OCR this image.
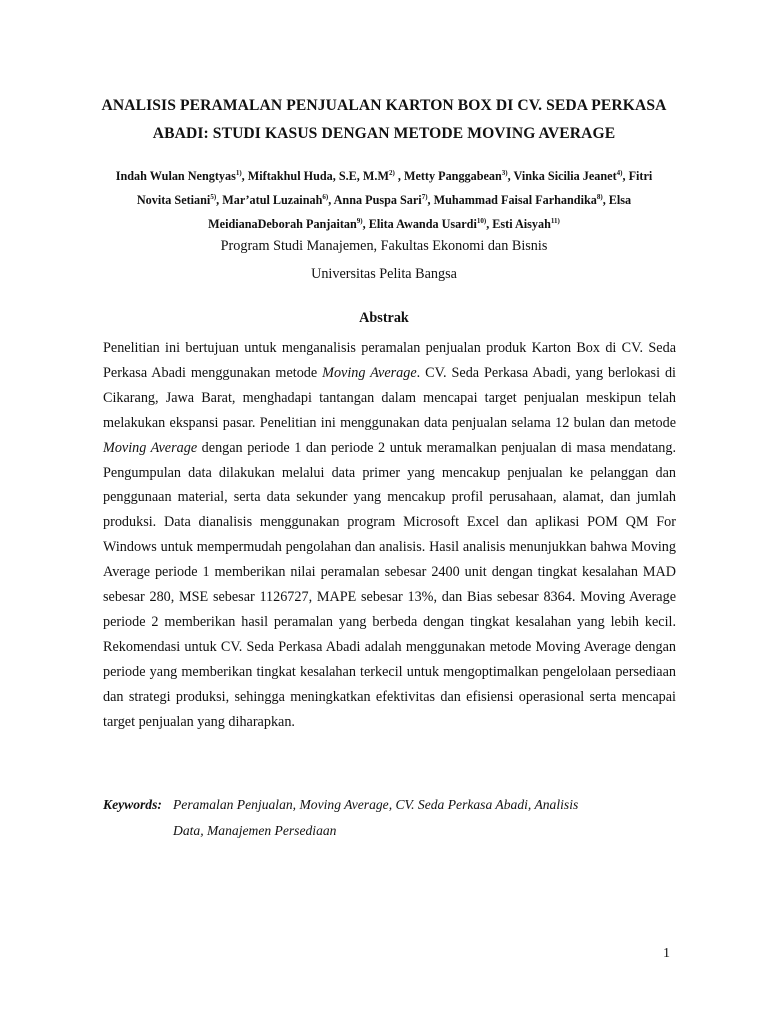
ANALISIS PERAMALAN PENJUALAN KARTON BOX DI CV. SEDA PERKASA
ABADI: STUDI KASUS DENGAN METODE MOVING AVERAGE
Indah Wulan Nengtyas$^{1)}$, Miftakhul Huda, S.E, $M.M^{2)}$ , Metty Panggabean$^{3)}$, Vinka Sicilia Jeanet$^{4)}$, Fitri Novita Setiani$^{5)}$, Mar’atul Luzainah$^{6)}$, Anna Puspa Sari$^{7)}$, Muhammad Faisal Farhandika$^{8)}$, Elsa MeidianaDeborah Panjaitan$^{9)}$, Elita Awanda Usardi$^{10)}$, Esti Aisyah$^{11)}$
Program Studi Manajemen, Fakultas Ekonomi dan Bisnis
Universitas Pelita Bangsa
Abstrak

Penelitian ini bertujuan untuk menganalisis peramalan penjualan produk Karton Box di CV. Seda Perkasa Abadi menggunakan metode Moving Average. CV. Seda Perkasa Abadi, yang berlokasi di Cikarang, Jawa Barat, menghadapi tantangan dalam mencapai target penjualan meskipun telah melakukan ekspansi pasar. Penelitian ini menggunakan data penjualan selama 12 bulan dan metode Moving Average dengan periode 1 dan periode 2 untuk meramalkan penjualan di masa mendatang. Pengumpulan data dilakukan melalui data primer yang mencakup penjualan ke pelanggan dan penggunaan material, serta data sekunder yang mencakup profil perusahaan, alamat, dan jumlah produksi. Data dianalisis menggunakan program Microsoft Excel dan aplikasi POM QM For Windows untuk mempermudah pengolahan dan analisis. Hasil analisis menunjukkan bahwa Moving Average periode 1 memberikan nilai peramalan sebesar 2400 unit dengan tingkat kesalahan MAD sebesar 280, MSE sebesar 1126727, MAPE sebesar 13%, dan Bias sebesar 8364. Moving Average periode 2 memberikan hasil peramalan yang berbeda dengan tingkat kesalahan yang lebih kecil. Rekomendasi untuk CV. Seda Perkasa Abadi adalah menggunakan metode Moving Average dengan periode yang memberikan tingkat kesalahan terkecil untuk mengoptimalkan pengelolaan persediaan dan strategi produksi, sehingga meningkatkan efektivitas dan efisiensi operasional serta mencapai target penjualan yang diharapkan.

Keywords: Peramalan Penjualan, Moving Average, CV. Seda Perkasa Abadi, Analisis
Data, Manajemen Persediaan
1
